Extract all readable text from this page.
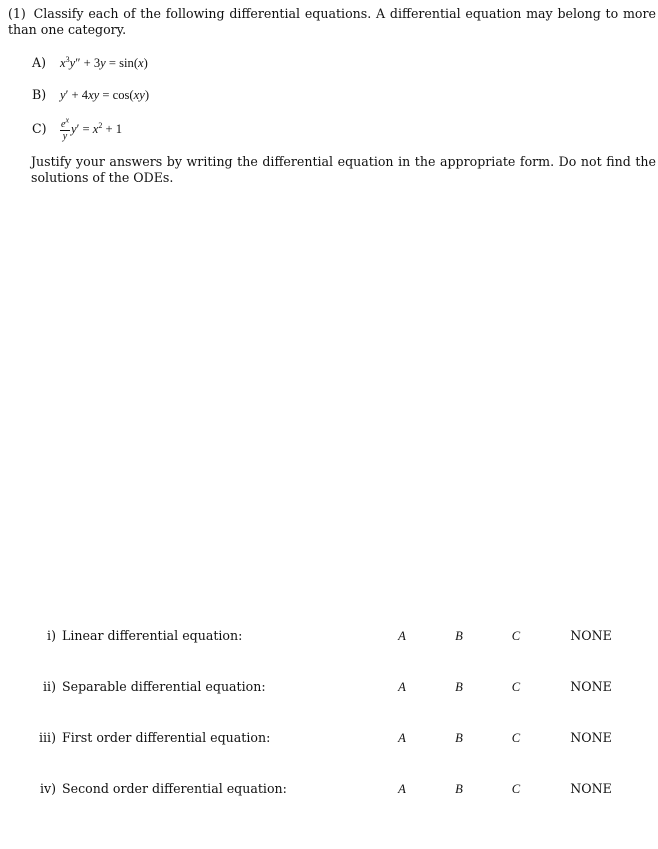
(1) Classify each of the following differential equations. A differential equation may belong to more than one category.
A) $x^3y'' + 3y = \sin(x)$
B) y′ + 4xy = cos(xy)
$C) \frac{e^x}{y} y' = x^2 + 1$
Justify your answers by writing the differential equation in the appropriate form. Do not find the solutions of the ODEs.
i) Linear differential equation:	A	B	C	NONE
ii) Separable differential equation:	A	B	C	NONE
iii) First order differential equation:	A	B	C	NONE
iv) Second order differential equation:	A	B	C	NONE
